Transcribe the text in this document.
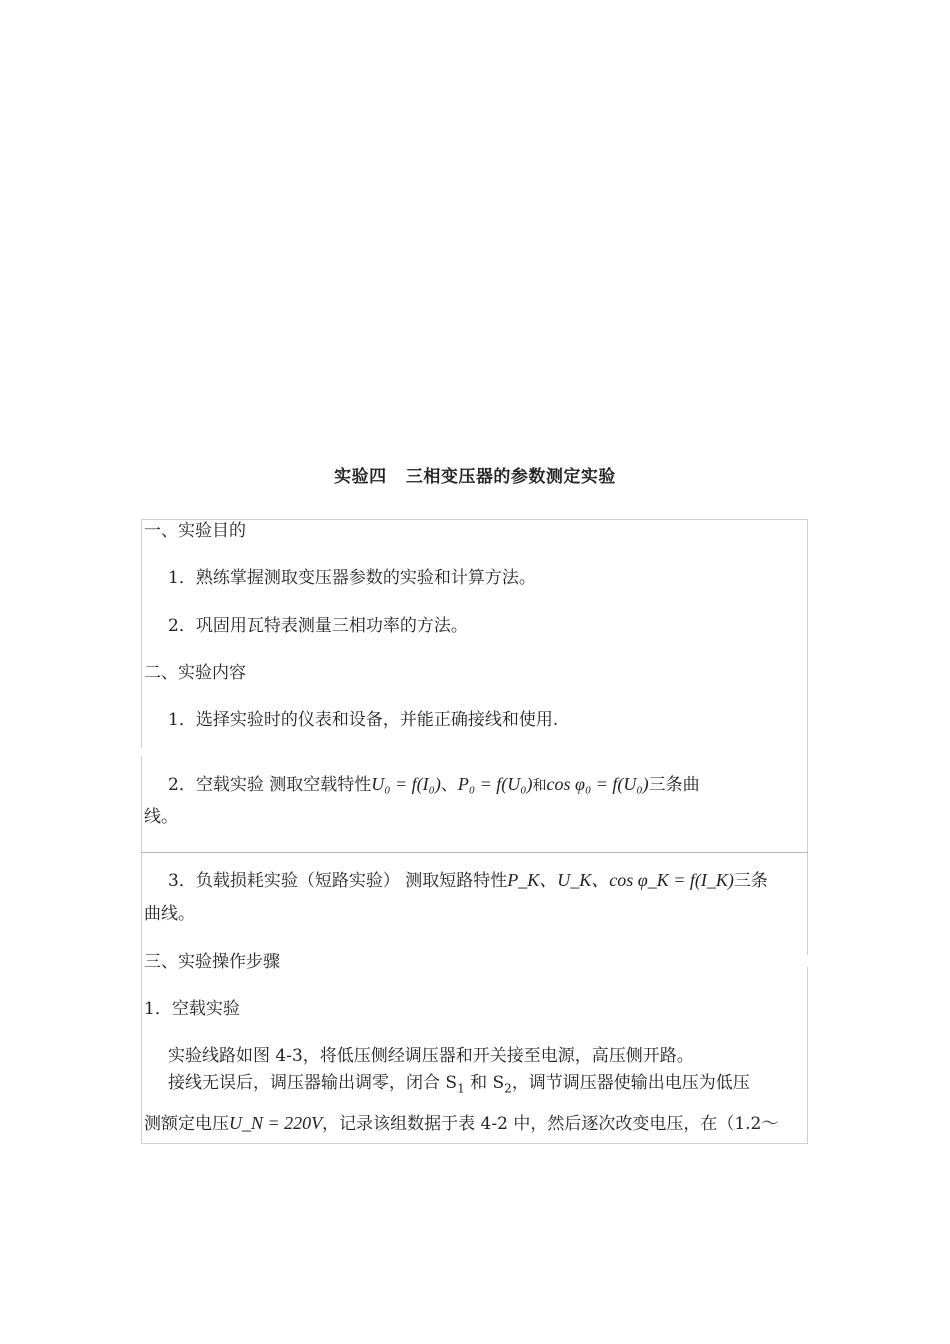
实验四   三相变压器的参数测定实验
一、实验目的
1．熟练掌握测取变压器参数的实验和计算方法。
2．巩固用瓦特表测量三相功率的方法。
二、实验内容
1．选择实验时的仪表和设备，并能正确接线和使用.
2．空载实验 测取空载特性U₀ = f(I₀)、P₀ = f(U₀)和cos φ₀ = f(U₀)三条曲
线。
3．负载损耗实验（短路实验） 测取短路特性P_K、U_K、cos φ_K = f(I_K)三条
曲线。
三、实验操作步骤
1．空载实验
实验线路如图 4-3，将低压侧经调压器和开关接至电源，高压侧开路。
接线无误后，调压器输出调零，闭合 $S_1$ 和 $S_2$，调节调压器使输出电压为低压
测额定电压U_N = 220V，记录该组数据于表 4-2 中，然后逐次改变电压，在（1.2～
